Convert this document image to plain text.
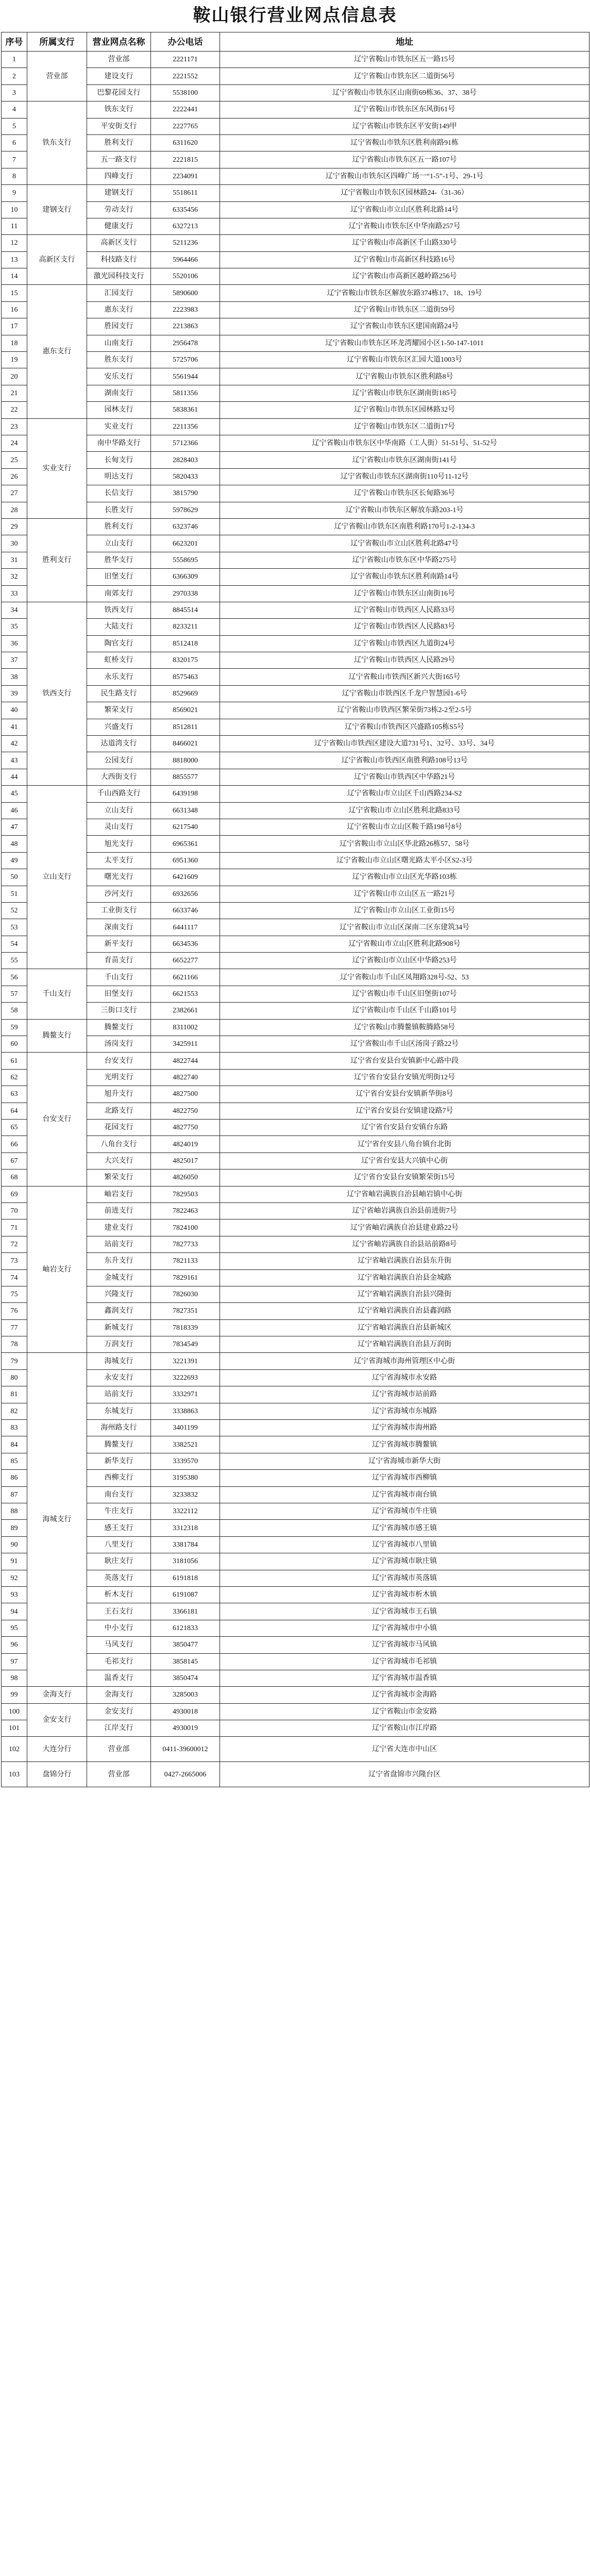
鞍山银行营业网点信息表
序号	所属支行	营业网点名称	办公电话	地址
1	营业部	营业部	2221171	辽宁省鞍山市铁东区五一路15号
2		建设支行	2221552	辽宁省鞍山市铁东区二道街56号
3		巴黎花园支行	5538100	辽宁省鞍山市铁东区山南街69栋36、37、38号
4	铁东支行	铁东支行	2222441	辽宁省鞍山市铁东区东风街61号
5		平安街支行	2227765	辽宁省鞍山市铁东区平安街149甲
6		胜利支行	6311620	辽宁省鞍山市铁东区胜利南路91栋
7		五一路支行	2221815	辽宁省鞍山市铁东区五一路107号
8		四峰支行	2234091	辽宁省鞍山市铁东区四峰广场一“1-5”-1号、29-1号
9	建钢支行	建钢支行	5518611	辽宁省鞍山市铁东区园林路24-（31-36）
10		劳动支行	6335456	辽宁省鞍山市立山区胜利北路14号
11		健康支行	6327213	辽宁省鞍山市铁东区中华南路257号
12	高新区支行	高新区支行	5211236	辽宁省鞍山市高新区千山路330号
13		科技路支行	5964466	辽宁省鞍山市高新区科技路16号
14		激光园科技支行	5520106	辽宁省鞍山市高新区越岭路256号
15	惠东支行	汇园支行	5890600	辽宁省鞍山市铁东区解放东路374栋17、18、19号
16		惠东支行	2223983	辽宁省鞍山市铁东区二道街59号
17		胜园支行	2213863	辽宁省鞍山市铁东区建国南路24号
18		山南支行	2956478	辽宁省鞍山市铁东区环龙湾耀园小区1-50-147-1011
19		胜东支行	5725706	辽宁省鞍山市铁东区汇园大道1003号
20		安乐支行	5561944	辽宁省鞍山市铁东区胜利路8号
21		湖南支行	5811356	辽宁省鞍山市铁东区湖南街185号
22		园林支行	5838361	辽宁省鞍山市铁东区园林路32号
23	实业支行	实业支行	2211356	辽宁省鞍山市铁东区二道街17号
24		南中华路支行	5712366	辽宁省鞍山市铁东区中华南路（工人街）51-51号、51-52号
25		长甸支行	2828403	辽宁省鞍山市铁东区湖南街141号
26		明达支行	5820433	辽宁省鞍山市铁东区湖南街110号11-12号
27		长信支行	3815790	辽宁省鞍山市铁东区长甸路36号
28		长胜支行	5978629	辽宁省鞍山市铁东区解放东路203-1号
29	胜利支行	胜利支行	6323746	辽宁省鞍山市铁东区南胜利路170号1-2-134-3
30		立山支行	6623201	辽宁省鞍山市立山区胜利北路47号
31		胜华支行	5558695	辽宁省鞍山市铁东区中华路275号
32		旧堡支行	6366309	辽宁省鞍山市铁东区胜利南路14号
33		南郊支行	2970338	辽宁省鞍山市铁东区山南街16号
34	铁西支行	铁西支行	8845514	辽宁省鞍山市铁西区人民路33号
35		大陆支行	8233211	辽宁省鞍山市铁西区人民路83号
36		陶官支行	8512418	辽宁省鞍山市铁西区九道街24号
37		虹桥支行	8320175	辽宁省鞍山市铁西区人民路29号
38		永乐支行	8575463	辽宁省鞍山市铁西区新兴大街165号
39		民生路支行	8529669	辽宁省鞍山市铁西区千龙户智慧园1-6号
40		繁荣支行	8569021	辽宁省鞍山市铁西区繁荣街73栋2-2至2-5号
41		兴盛支行	8512811	辽宁省鞍山市铁西区兴盛路105栋S5号
42		达道湾支行	8466021	辽宁省鞍山市铁西区建设大道731号1、32号、33号、34号
43		公园支行	8818000	辽宁省鞍山市铁西区南胜利路108号13号
44		大西街支行	8855577	辽宁省鞍山市铁西区中华路21号
45	立山支行	千山西路支行	6439198	辽宁省鞍山市立山区千山西路234-S2
46		立山支行	6631348	辽宁省鞍山市立山区胜利北路833号
47		灵山支行	6217540	辽宁省鞍山市立山区鞍千路198号8号
48		旭光支行	6965361	辽宁省鞍山市立山区华北路26栋57、58号
49		太平支行	6951360	辽宁省鞍山市立山区曙光路太平小区S2-3号
50		曙光支行	6421609	辽宁省鞍山市立山区光华路103栋
51		沙河支行	6932656	辽宁省鞍山市立山区五一路21号
52		工业街支行	6633746	辽宁省鞍山市立山区工业街15号
53		深南支行	6441117	辽宁省鞍山市立山区深南二区东建筑34号
54		新平支行	6634536	辽宁省鞍山市立山区胜利北路908号
55		育苗支行	6652277	辽宁省鞍山市立山区中华路253号
56	千山支行	千山支行	6621166	辽宁省鞍山市千山区凤翔路328号-52、53
57		旧堡支行	6621553	辽宁省鞍山市千山区旧堡街107号
58		三街口支行	2382661	辽宁省鞍山市千山区千山路101号
59	腾鳌支行	腾鳌支行	8311002	辽宁省鞍山市腾鳌镇鞍腾路58号
60		汤岗支行	3425911	辽宁省鞍山市千山区汤岗子路22号
61	台安支行	台安支行	4822744	辽宁省台安县台安镇新中心路中段
62		光明支行	4822740	辽宁省台安县台安镇光明街12号
63		旭升支行	4827500	辽宁省台安县台安镇新华街8号
64		北路支行	4822750	辽宁省台安县台安镇建设路7号
65		花园支行	4827750	辽宁省台安县台安镇台东路
66		八角台支行	4824019	辽宁省台安县八角台镇台北街
67		大兴支行	4825017	辽宁省台安县大兴镇中心街
68		繁荣支行	4826050	辽宁省台安县台安镇繁荣街15号
69	岫岩支行	岫岩支行	7829503	辽宁省岫岩满族自治县岫岩镇中心街
70		前进支行	7822463	辽宁省岫岩满族自治县前进街7号
71		建业支行	7824100	辽宁省岫岩满族自治县建业路22号
72		站前支行	7827733	辽宁省岫岩满族自治县站前路8号
73		东升支行	7821133	辽宁省岫岩满族自治县东升街
74		金城支行	7829161	辽宁省岫岩满族自治县金城路
75		兴隆支行	7826030	辽宁省岫岩满族自治县兴隆街
76		鑫润支行	7827351	辽宁省岫岩满族自治县鑫润路
77		新城支行	7818339	辽宁省岫岩满族自治县新城区
78		万润支行	7834549	辽宁省岫岩满族自治县万润街
79	海城支行	海城支行	3221391	辽宁省海城市海州管理区中心街
80		永安支行	3222693	辽宁省海城市永安路
81		站前支行	3332971	辽宁省海城市站前路
82		东城支行	3338863	辽宁省海城市东城路
83		海州路支行	3401199	辽宁省海城市海州路
84		腾鳌支行	3382521	辽宁省海城市腾鳌镇
85		新华支行	3339570	辽宁省海城市新华大街
86		西柳支行	3195380	辽宁省海城市西柳镇
87		南台支行	3233832	辽宁省海城市南台镇
88		牛庄支行	3322112	辽宁省海城市牛庄镇
89		感王支行	3312318	辽宁省海城市感王镇
90		八里支行	3381784	辽宁省海城市八里镇
91		耿庄支行	3181056	辽宁省海城市耿庄镇
92		英落支行	6191818	辽宁省海城市英落镇
93		析木支行	6191087	辽宁省海城市析木镇
94		王石支行	3366181	辽宁省海城市王石镇
95		中小支行	6121833	辽宁省海城市中小镇
96		马风支行	3850477	辽宁省海城市马风镇
97		毛祁支行	3858145	辽宁省海城市毛祁镇
98		温香支行	3850474	辽宁省海城市温香镇
99	金海支行	金海支行	3285003	辽宁省海城市金海路
100	金安支行	金安支行	4930018	辽宁省鞍山市金安路
101		江岸支行	4930019	辽宁省鞍山市江岸路
102	大连分行	营业部	0411-39600012	辽宁省大连市中山区
103	盘锦分行	营业部	0427-2665006	辽宁省盘锦市兴隆台区
